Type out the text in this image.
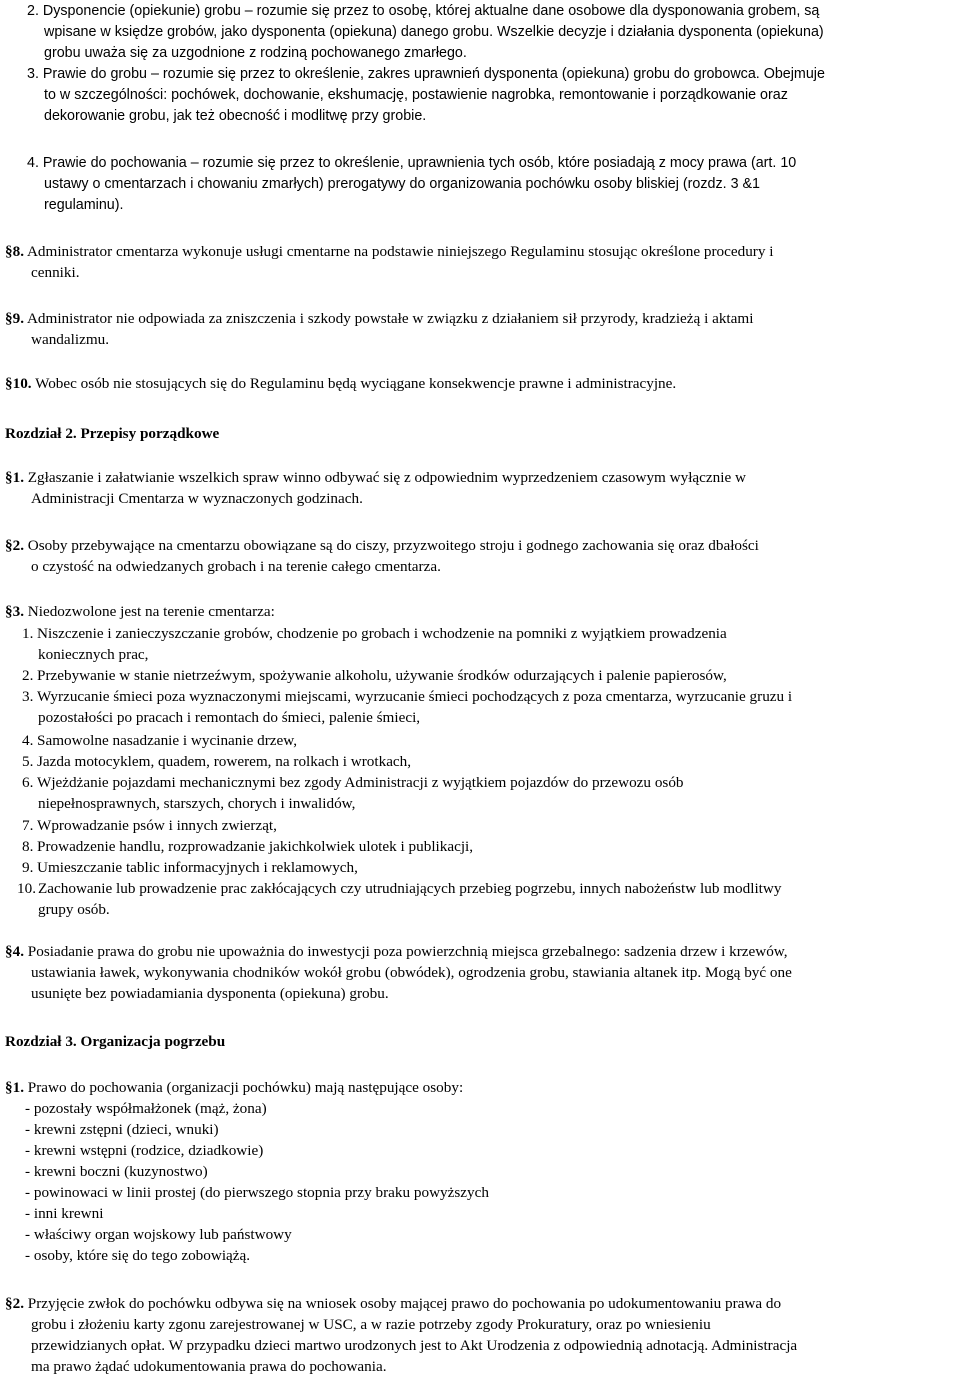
2. Dysponencie (opiekunie) grobu – rozumie się przez to osobę, której aktualne dane osobowe dla dysponowania grobem, są
wpisane w księdze grobów, jako dysponenta (opiekuna) danego grobu. Wszelkie decyzje i działania dysponenta (opiekuna)
grobu uważa się za uzgodnione z rodziną pochowanego zmarłego.
3. Prawie do grobu – rozumie się przez to określenie, zakres uprawnień dysponenta (opiekuna) grobu do grobowca. Obejmuje
to w szczególności: pochówek, dochowanie, ekshumację, postawienie nagrobka, remontowanie i porządkowanie oraz
dekorowanie grobu, jak też obecność i modlitwę przy grobie.
4. Prawie do pochowania – rozumie się przez to określenie, uprawnienia tych osób, które posiadają z mocy prawa (art. 10
ustawy o cmentarzach i chowaniu zmarłych) prerogatywy do organizowania pochówku osoby bliskiej (rozdz. 3 &1
regulaminu).
§8. Administrator cmentarza wykonuje usługi cmentarne na podstawie niniejszego Regulaminu stosując określone procedury i
cenniki.
§9. Administrator nie odpowiada za zniszczenia i szkody powstałe w związku z działaniem sił przyrody, kradzieżą i aktami
wandalizmu.
§10. Wobec osób nie stosujących się do Regulaminu będą wyciągane konsekwencje prawne i administracyjne.
Rozdział 2. Przepisy porządkowe
§1. Zgłaszanie i załatwianie wszelkich spraw winno odbywać się z odpowiednim wyprzedzeniem czasowym wyłącznie w
Administracji Cmentarza w wyznaczonych godzinach.
§2. Osoby przebywające na cmentarzu obowiązane są do ciszy, przyzwoitego stroju i godnego zachowania się oraz dbałości
o czystość na odwiedzanych grobach i na terenie całego cmentarza.
§3. Niedozwolone jest na terenie cmentarza:
1. Niszczenie i zanieczyszczanie grobów, chodzenie po grobach i wchodzenie na pomniki z wyjątkiem prowadzenia
koniecznych prac,
2. Przebywanie w stanie nietrzeźwym, spożywanie alkoholu, używanie środków odurzających i palenie papierosów,
3. Wyrzucanie śmieci poza wyznaczonymi miejscami, wyrzucanie śmieci pochodzących z poza cmentarza, wyrzucanie gruzu i
pozostałości po pracach i remontach do śmieci, palenie śmieci,
4. Samowolne nasadzanie i wycinanie drzew,
5. Jazda motocyklem, quadem, rowerem, na rolkach i wrotkach,
6. Wjeżdżanie pojazdami mechanicznymi bez zgody Administracji z wyjątkiem pojazdów do przewozu osób
niepełnosprawnych, starszych, chorych i inwalidów,
7. Wprowadzanie psów i innych zwierząt,
8. Prowadzenie handlu, rozprowadzanie jakichkolwiek ulotek i publikacji,
9. Umieszczanie tablic informacyjnych i reklamowych,
10. Zachowanie lub prowadzenie prac zakłócających czy utrudniających przebieg pogrzebu, innych nabożeństw lub modlitwy
grupy osób.
§4. Posiadanie prawa do grobu nie upoważnia do inwestycji poza powierzchnią miejsca grzebalnego: sadzenia drzew i krzewów,
ustawiania ławek, wykonywania chodników wokół grobu (obwódek), ogrodzenia grobu, stawiania altanek itp. Mogą być one
usunięte bez powiadamiania dysponenta (opiekuna) grobu.
Rozdział 3. Organizacja pogrzebu
§1. Prawo do pochowania (organizacji pochówku) mają następujące osoby:
- pozostały współmałżonek (mąż, żona)
- krewni zstępni (dzieci, wnuki)
- krewni wstępni (rodzice, dziadkowie)
- krewni boczni (kuzynostwo)
- powinowaci w linii prostej (do pierwszego stopnia przy braku powyższych
- inni krewni
- właściwy organ wojskowy lub państwowy
- osoby, które się do tego zobowiążą.
§2. Przyjęcie zwłok do pochówku odbywa się na wniosek osoby mającej prawo do pochowania po udokumentowaniu prawa do
grobu i złożeniu karty zgonu zarejestrowanej w USC, a w razie potrzeby zgody Prokuratury, oraz po wniesieniu
przewidzianych opłat. W przypadku dzieci martwo urodzonych jest to Akt Urodzenia z odpowiednią adnotacją. Administracja
ma prawo żądać udokumentowania prawa do pochowania.
